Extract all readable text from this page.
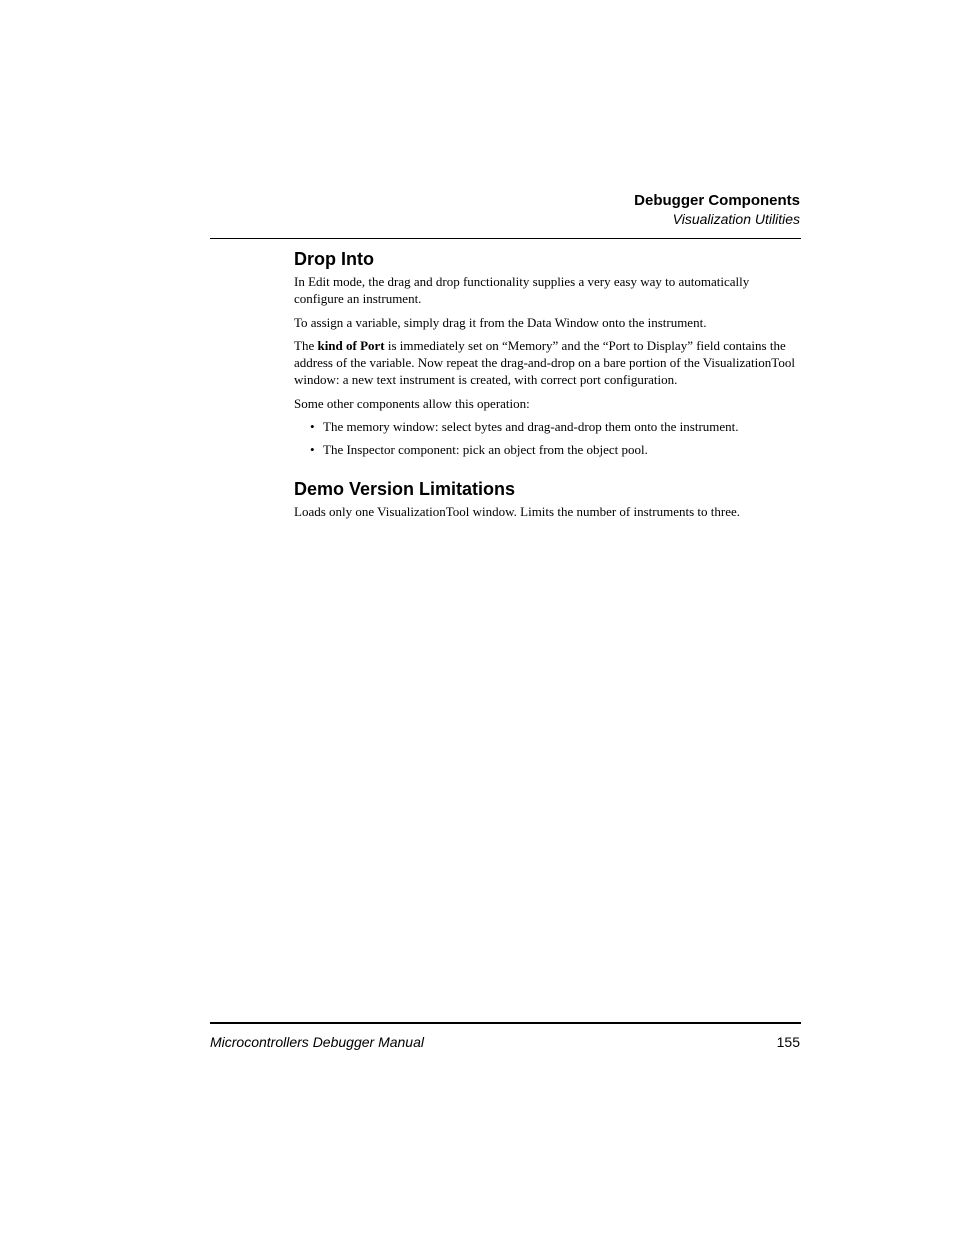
Debugger Components
Visualization Utilities
Drop Into

In Edit mode, the drag and drop functionality supplies a very easy way to automatically configure an instrument.

To assign a variable, simply drag it from the Data Window onto the instrument.

The kind of Port is immediately set on “Memory” and the “Port to Display” field contains the address of the variable. Now repeat the drag-and-drop on a bare portion of the VisualizationTool window: a new text instrument is created, with correct port configuration.

Some other components allow this operation:

• The memory window: select bytes and drag-and-drop them onto the instrument.
• The Inspector component: pick an object from the object pool.
Demo Version Limitations

Loads only one VisualizationTool window. Limits the number of instruments to three.

Microcontrollers Debugger Manual	155
